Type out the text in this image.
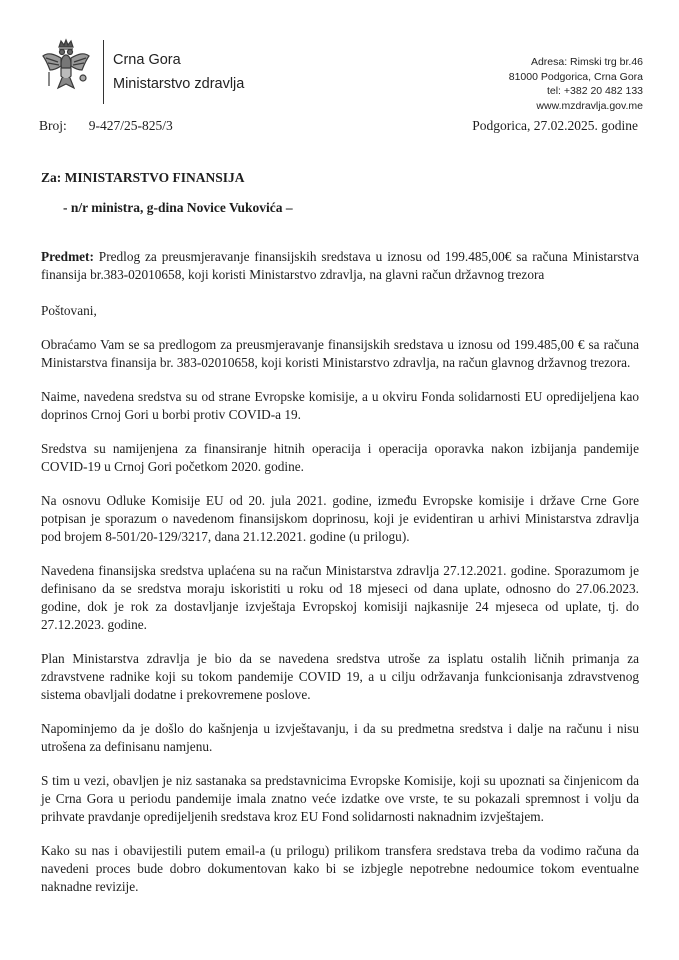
Crna Gora
Ministarstvo zdravlja
Adresa: Rimski trg br.46
81000 Podgorica, Crna Gora
tel: +382 20 482 133
www.mzdravlja.gov.me
Broj: 9-427/25-825/3	Podgorica, 27.02.2025. godine
Za: MINISTARSTVO FINANSIJA
- n/r ministra, g-dina Novice Vukovića –

Predmet: Predlog za preusmjeravanje finansijskih sredstava u iznosu od 199.485,00€ sa računa Ministarstva finansija br.383-02010658, koji koristi Ministarstvo zdravlja, na glavni račun državnog trezora

Poštovani,

Obraćamo Vam se sa predlogom za preusmjeravanje finansijskih sredstava u iznosu od 199.485,00 € sa računa Ministarstva finansija br. 383-02010658, koji koristi Ministarstvo zdravlja, na račun glavnog državnog trezora.

Naime, navedena sredstva su od strane Evropske komisije, a u okviru Fonda solidarnosti EU opredijeljena kao doprinos Crnoj Gori u borbi protiv COVID-a 19.

Sredstva su namijenjena za finansiranje hitnih operacija i operacija oporavka nakon izbijanja pandemije COVID-19 u Crnoj Gori početkom 2020. godine.

Na osnovu Odluke Komisije EU od 20. jula 2021. godine, između Evropske komisije i države Crne Gore potpisan je sporazum o navedenom finansijskom doprinosu, koji je evidentiran u arhivi Ministarstva zdravlja pod brojem 8-501/20-129/3217, dana 21.12.2021. godine (u prilogu).

Navedena finansijska sredstva uplaćena su na račun Ministarstva zdravlja 27.12.2021. godine. Sporazumom je definisano da se sredstva moraju iskoristiti u roku od 18 mjeseci od dana uplate, odnosno do 27.06.2023. godine, dok je rok za dostavljanje izvještaja Evropskoj komisiji najkasnije 24 mjeseca od uplate, tj. do 27.12.2023. godine.

Plan Ministarstva zdravlja je bio da se navedena sredstva utroše za isplatu ostalih ličnih primanja za zdravstvene radnike koji su tokom pandemije COVID 19, a u cilju održavanja funkcionisanja zdravstvenog sistema obavljali dodatne i prekovremene poslove.

Napominjemo da je došlo do kašnjenja u izvještavanju, i da su predmetna sredstva i dalje na računu i nisu utrošena za definisanu namjenu.

S tim u vezi, obavljen je niz sastanaka sa predstavnicima Evropske Komisije, koji su upoznati sa činjenicom da je Crna Gora u periodu pandemije imala znatno veće izdatke ove vrste, te su pokazali spremnost i volju da prihvate pravdanje opredijeljenih sredstava kroz EU Fond solidarnosti naknadnim izvještajem.

Kako su nas i obavijestili putem email-a (u prilogu) prilikom transfera sredstava treba da vodimo računa da navedeni proces bude dobro dokumentovan kako bi se izbjegle nepotrebne nedoumice tokom eventualne naknadne revizije.
